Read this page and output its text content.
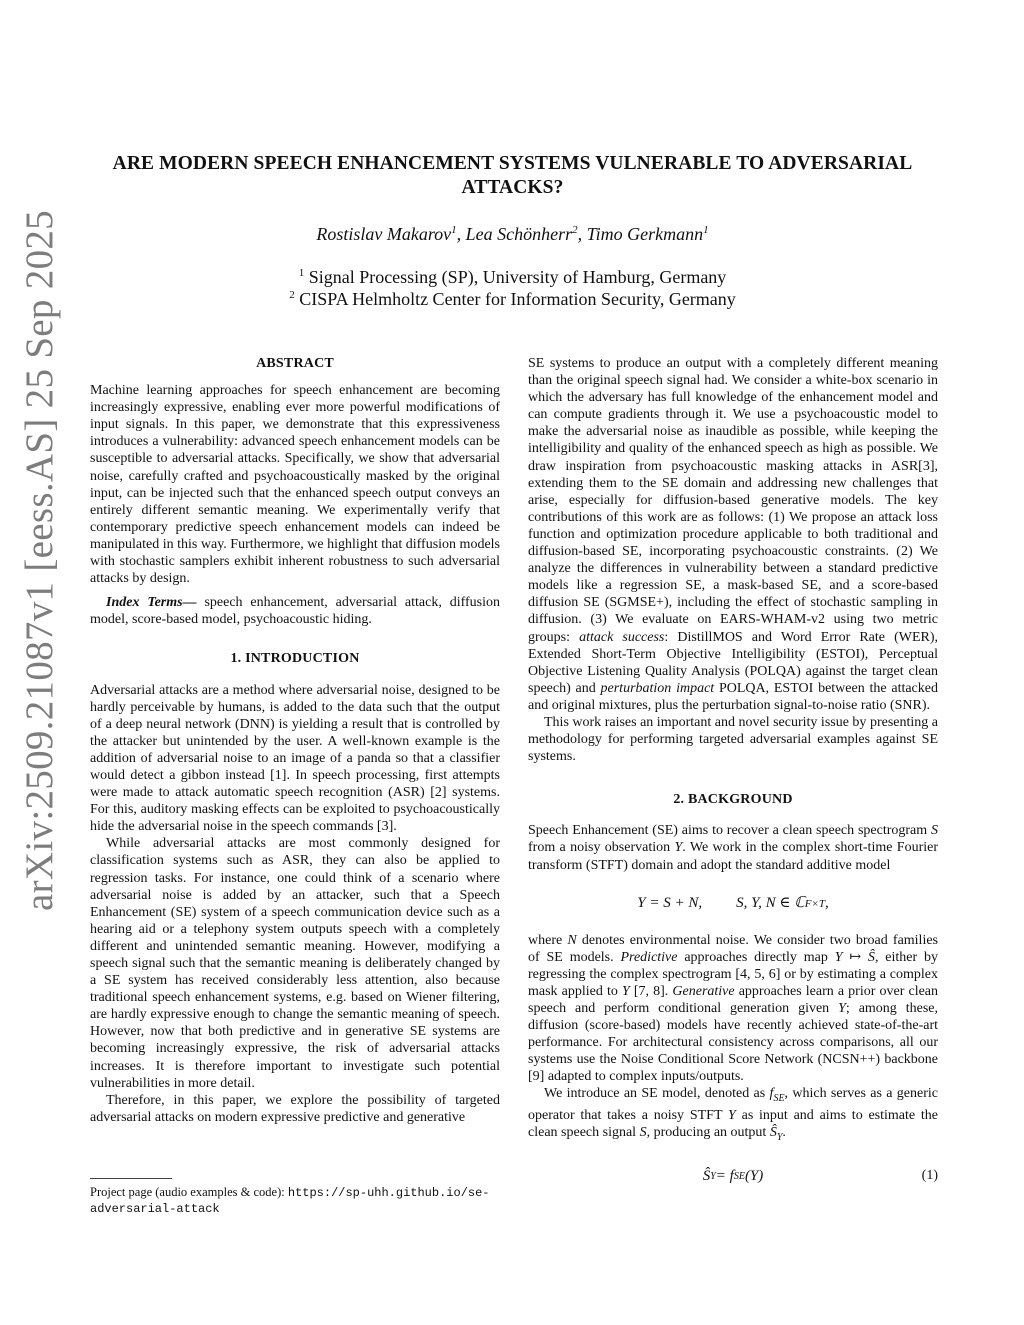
arXiv:2509.21087v1 [eess.AS] 25 Sep 2025
ARE MODERN SPEECH ENHANCEMENT SYSTEMS VULNERABLE TO ADVERSARIAL
ATTACKS?
Rostislav Makarov$^1$, Lea Schönherr$^2$, Timo Gerkmann$^1$
$^1$ Signal Processing (SP), University of Hamburg, Germany
$^2$ CISPA Helmholtz Center for Information Security, Germany
ABSTRACT

Machine learning approaches for speech enhancement are becoming increasingly expressive, enabling ever more powerful modifications of input signals. In this paper, we demonstrate that this expressiveness introduces a vulnerability: advanced speech enhancement models can be susceptible to adversarial attacks. Specifically, we show that adversarial noise, carefully crafted and psychoacoustically masked by the original input, can be injected such that the enhanced speech output conveys an entirely different semantic meaning. We experimentally verify that contemporary predictive speech enhancement models can indeed be manipulated in this way. Furthermore, we highlight that diffusion models with stochastic samplers exhibit inherent robustness to such adversarial attacks by design.

Index Terms— speech enhancement, adversarial attack, diffusion model, score-based model, psychoacoustic hiding.

1. INTRODUCTION

Adversarial attacks are a method where adversarial noise, designed to be hardly perceivable by humans, is added to the data such that the output of a deep neural network (DNN) is yielding a result that is controlled by the attacker but unintended by the user. A well-known example is the addition of adversarial noise to an image of a panda so that a classifier would detect a gibbon instead [1]. In speech processing, first attempts were made to attack automatic speech recognition (ASR) [2] systems. For this, auditory masking effects can be exploited to psychoacoustically hide the adversarial noise in the speech commands [3].

While adversarial attacks are most commonly designed for classification systems such as ASR, they can also be applied to regression tasks. For instance, one could think of a scenario where adversarial noise is added by an attacker, such that a Speech Enhancement (SE) system of a speech communication device such as a hearing aid or a telephony system outputs speech with a completely different and unintended semantic meaning. However, modifying a speech signal such that the semantic meaning is deliberately changed by a SE system has received considerably less attention, also because traditional speech enhancement systems, e.g. based on Wiener filtering, are hardly expressive enough to change the semantic meaning of speech. However, now that both predictive and in generative SE systems are becoming increasingly expressive, the risk of adversarial attacks increases. It is therefore important to investigate such potential vulnerabilities in more detail.

Therefore, in this paper, we explore the possibility of targeted adversarial attacks on modern expressive predictive and generative

SE systems to produce an output with a completely different meaning than the original speech signal had. We consider a white-box scenario in which the adversary has full knowledge of the enhancement model and can compute gradients through it. We use a psychoacoustic model to make the adversarial noise as inaudible as possible, while keeping the intelligibility and quality of the enhanced speech as high as possible. We draw inspiration from psychoacoustic masking attacks in ASR[3], extending them to the SE domain and addressing new challenges that arise, especially for diffusion-based generative models. The key contributions of this work are as follows: (1) We propose an attack loss function and optimization procedure applicable to both traditional and diffusion-based SE, incorporating psychoacoustic constraints. (2) We analyze the differences in vulnerability between a standard predictive models like a regression SE, a mask-based SE, and a score-based diffusion SE (SGMSE+), including the effect of stochastic sampling in diffusion. (3) We evaluate on EARS-WHAM-v2 using two metric groups: attack success: DistillMOS and Word Error Rate (WER), Extended Short-Term Objective Intelligibility (ESTOI), Perceptual Objective Listening Quality Analysis (POLQA) against the target clean speech) and perturbation impact POLQA, ESTOI between the attacked and original mixtures, plus the perturbation signal-to-noise ratio (SNR).

This work raises an important and novel security issue by presenting a methodology for performing targeted adversarial examples against SE systems.

2. BACKGROUND

Speech Enhancement (SE) aims to recover a clean speech spectrogram S from a noisy observation Y. We work in the complex short-time Fourier transform (STFT) domain and adopt the standard additive model

Y = S + N, S, Y, N ∈ ℂ F×T ,

where N denotes environmental noise. We consider two broad families of SE models. Predictive approaches directly map Y ↦ Ŝ, either by regressing the complex spectrogram [4, 5, 6] or by estimating a complex mask applied to Y [7, 8]. Generative approaches learn a prior over clean speech and perform conditional generation given Y; among these, diffusion (score-based) models have recently achieved state-of-the-art performance. For architectural consistency across comparisons, all our systems use the Noise Conditional Score Network (NCSN++) backbone [9] adapted to complex inputs/outputs.

We introduce an SE model, denoted as $f_{SE}$, which serves as a generic operator that takes a noisy STFT Y as input and aims to estimate the clean speech signal S, producing an output $Ŝ_Y$.

Ŝ Y = f SE (Y)	(1)
Project page (audio examples & code): https://sp-uhh.github.io/se-adversarial-attack
